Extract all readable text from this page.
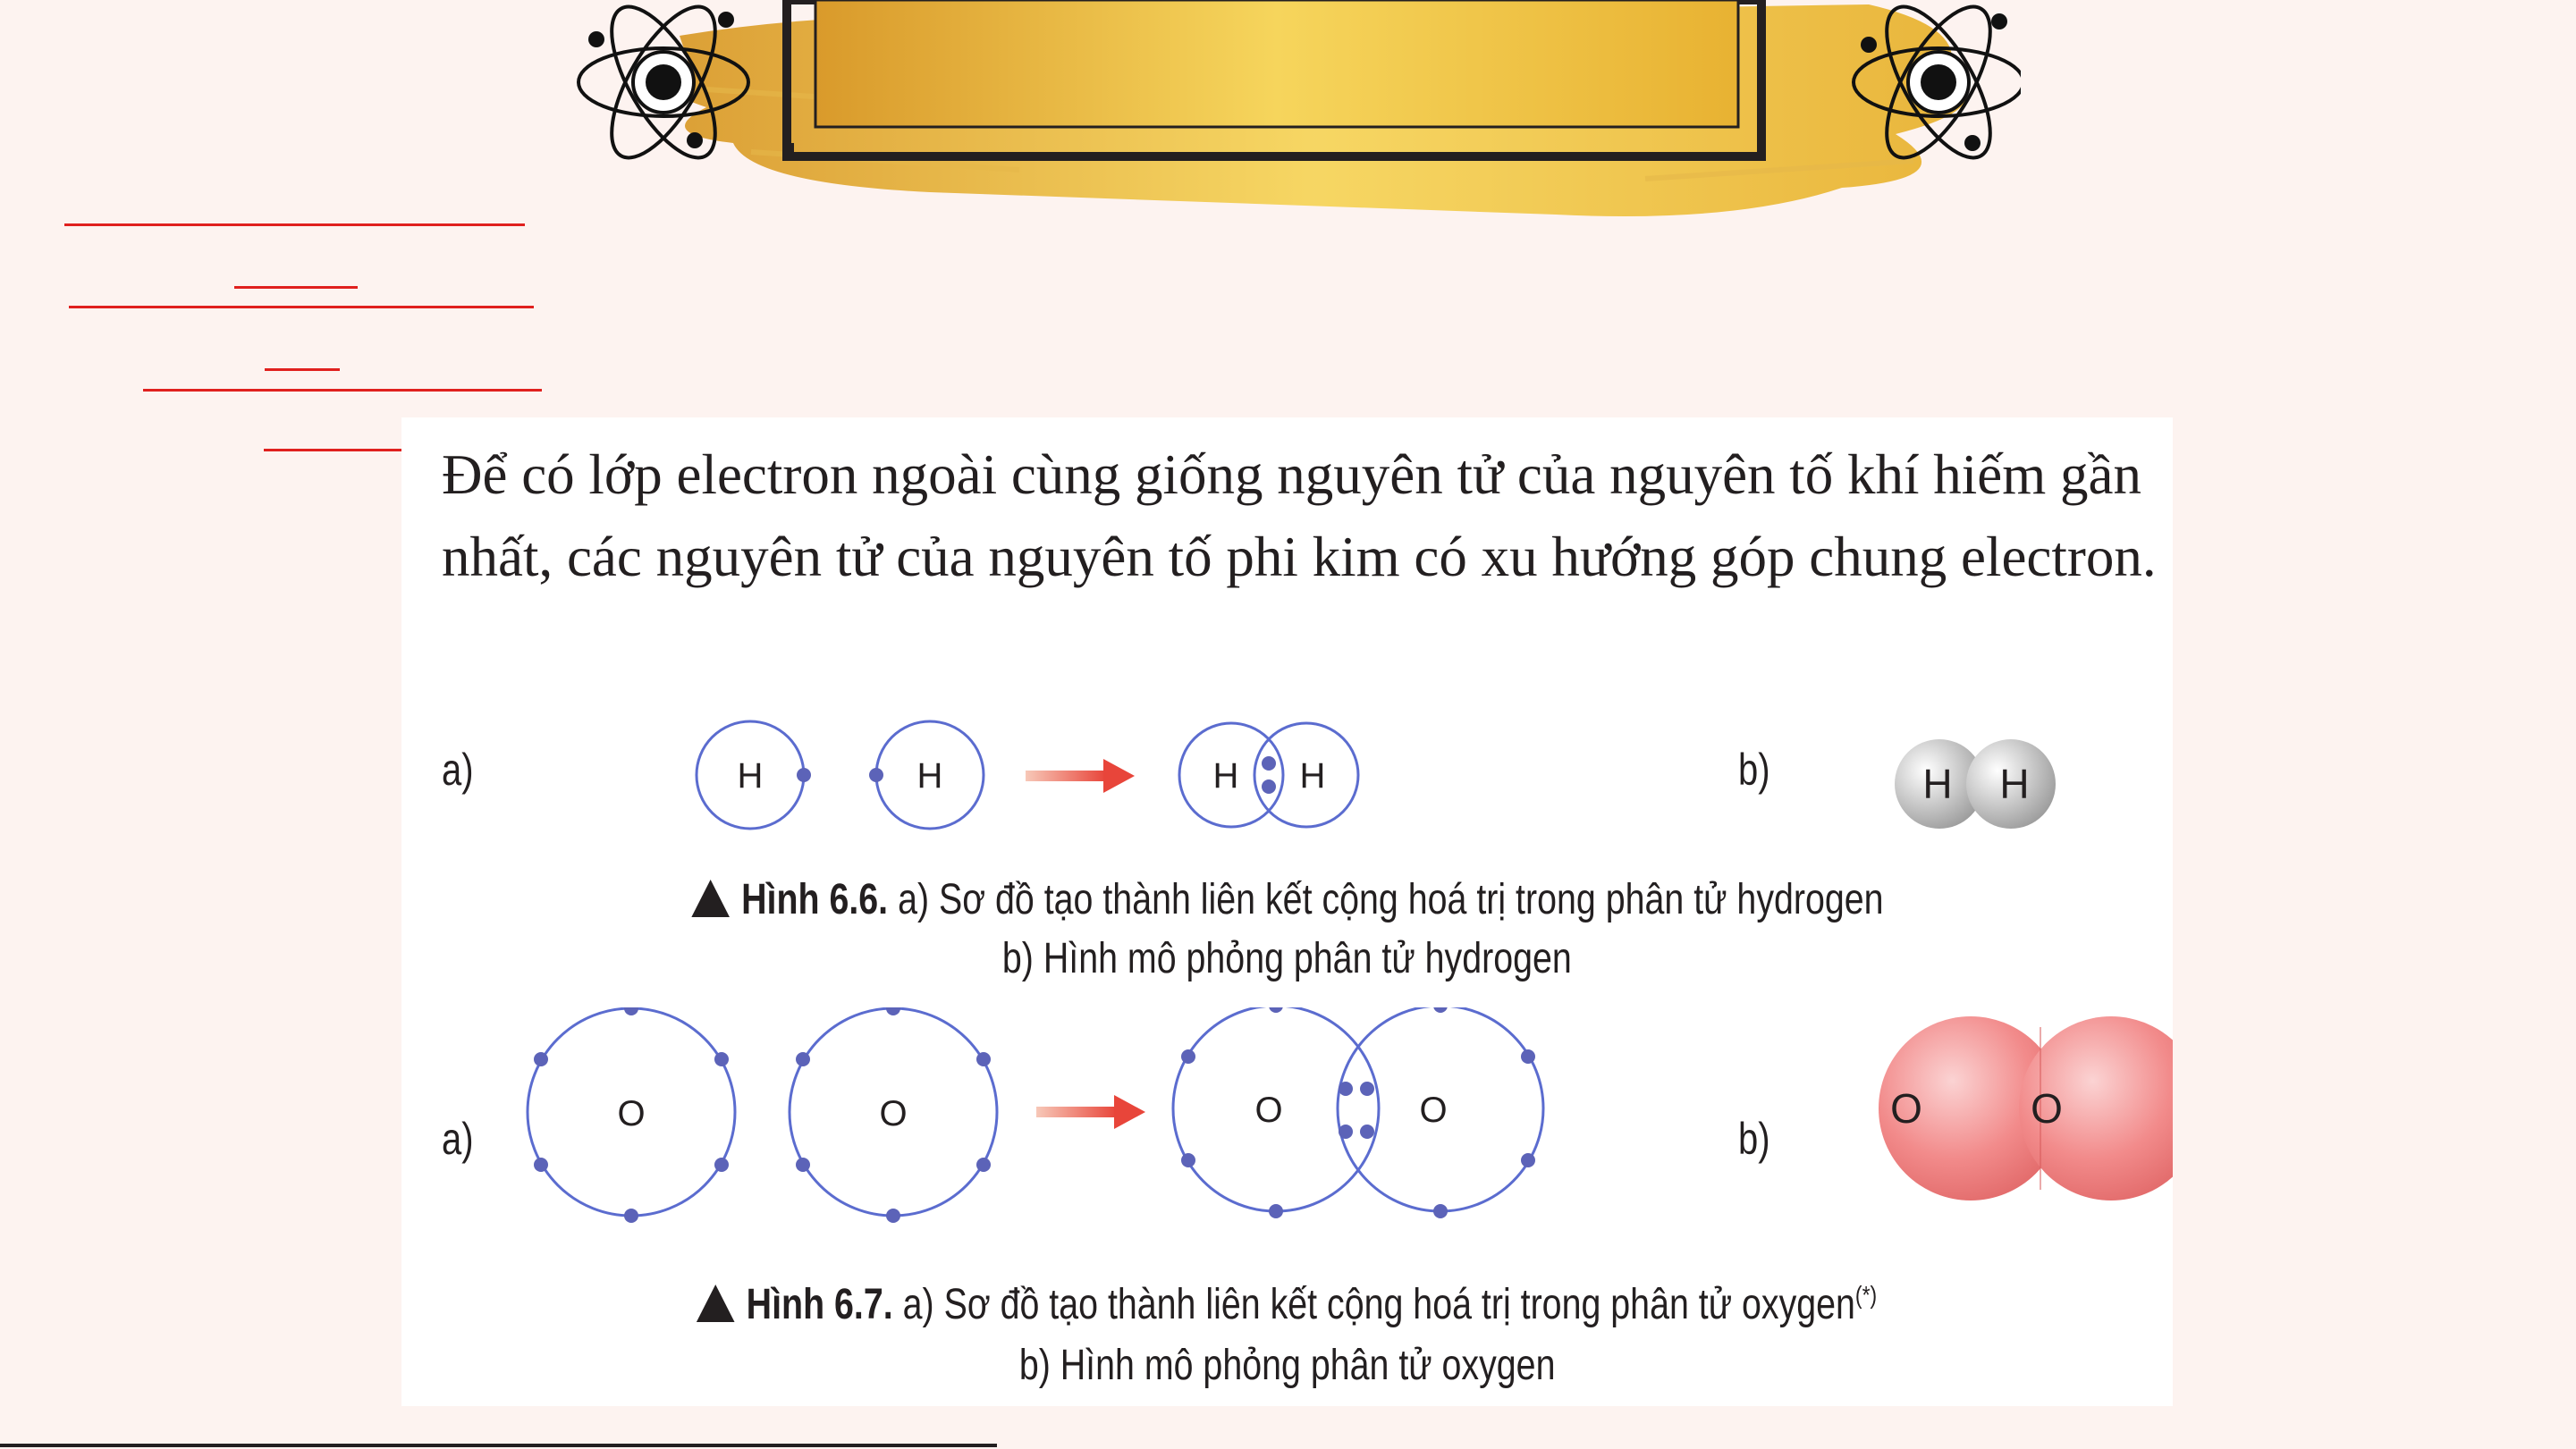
Để có lớp electron ngoài cùng giống nguyên tử của nguyên tố khí hiếm gần nhất, các nguyên tử của nguyên tố phi kim có xu hướng góp chung electron.

a)	b)
H	H	H H	H H
Hình 6.6. a) Sơ đồ tạo thành liên kết cộng hoá trị trong phân tử hydrogen
b) Hình mô phỏng phân tử hydrogen
a)	b)
O	O	O	O	O	O
Hình 6.7. a) Sơ đồ tạo thành liên kết cộng hoá trị trong phân tử oxygen(*)
b) Hình mô phỏng phân tử oxygen
